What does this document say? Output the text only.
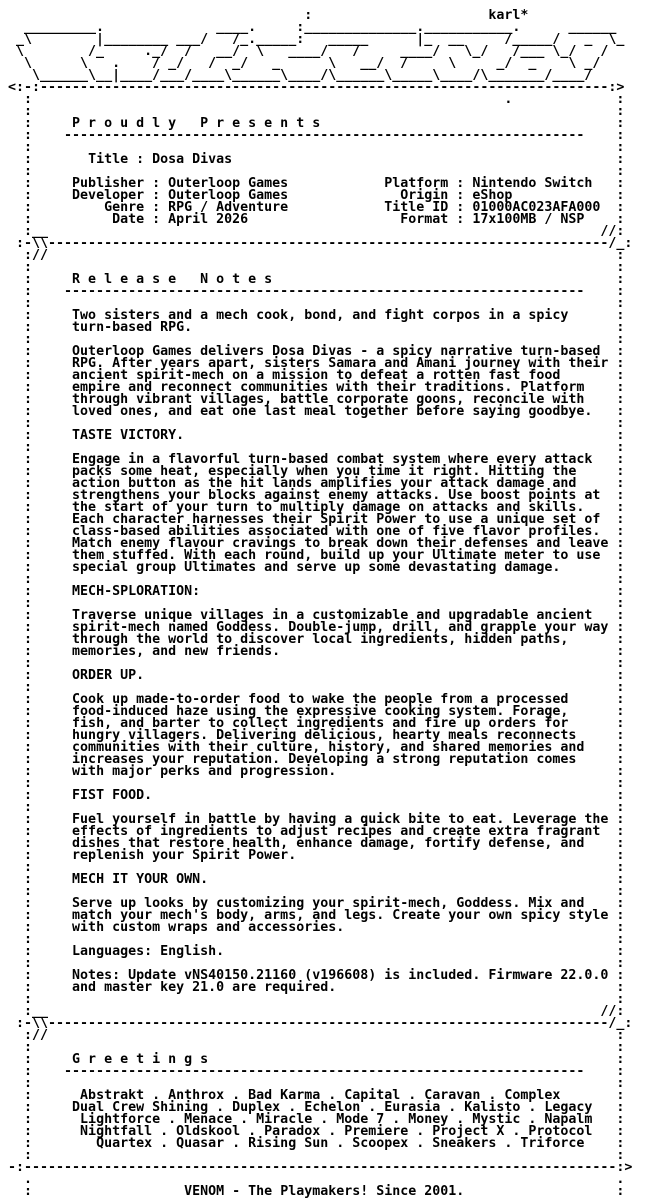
:                      karl*
_________.              ____.     :______________.___________.      ______
_\        |________ ___/   /_._____:   _____      |_  __     /_____/   _  \_
\        /_     ._/  /   __/  \   ____/   /     ____/   \_/   /___ \_/   /
\      \   .    / _/   /  _/   _      \   __/  /     \     _/  _    \ _/
\______\__|____/___/____\______\____/\______\_____\____/\_______/____/
<:-:-----------------------------------------------------------------------:>
:                                                           .             :
:                                                                         :
:     P r o u d l y   P r e s e n t s	:
:    -----------------------------------------------------------------    :
:                                                                         :
:       Title : Dosa Divas	:
:                                                                         :
:     Publisher : Outerloop Games            Platform : Nintendo Switch   :
:     Developer : Outerloop Games              Origin : eShop	:
:         Genre : RPG / Adventure            Title ID : 01000AC023AFA000  :
:          Date : April 2026                   Format : 17x100MB / NSP    :
:__                                                                     //:
:-\\----------------------------------------------------------------------/_:
://                                                                       :
:                                                                         :
:     R e l e a s e   N o t e s	:
:    -----------------------------------------------------------------    :
:                                                                         :
:     Two sisters and a mech cook, bond, and fight corpos in a spicy	:
:     turn-based RPG.	:
:	:
:     Outerloop Games delivers Dosa Divas - a spicy narrative turn-based  :
:     RPG. After years apart, sisters Samara and Amani journey with their :
:     ancient spirit-mech on a mission to defeat a rotten fast food	:
:     empire and reconnect communities with their traditions. Platform    :
:     through vibrant villages, battle corporate goons, reconcile with    :
:     loved ones, and eat one last meal together before saying goodbye.   :
:	:
:     TASTE VICTORY.	:
:	:
:     Engage in a flavorful turn-based combat system where every attack   :
:     packs some heat, especially when you time it right. Hitting the	:
:     action button as the hit lands amplifies your attack damage and	:
:     strengthens your blocks against enemy attacks. Use boost points at  :
:     the start of your turn to multiply damage on attacks and skills.    :
:     Each character harnesses their Spirit Power to use a unique set of  :
:     class-based abilities associated with one of five flavor profiles.  :
:     Match enemy flavour cravings to break down their defenses and leave :
:     them stuffed. With each round, build up your Ultimate meter to use  :
:     special group Ultimates and serve up some devastating damage.	:
:	:
:     MECH-SPLORATION:	:
:	:
:     Traverse unique villages in a customizable and upgradable ancient   :
:     spirit-mech named Goddess. Double-jump, drill, and grapple your way :
:     through the world to discover local ingredients, hidden paths,	:
:     memories, and new friends.	:
:	:
:     ORDER UP.	:
:	:
:     Cook up made-to-order food to wake the people from a processed	:
:     food-induced haze using the expressive cooking system. Forage,	:
:     fish, and barter to collect ingredients and fire up orders for	:
:     hungry villagers. Delivering delicious, hearty meals reconnects	:
:     communities with their culture, history, and shared memories and    :
:     increases your reputation. Developing a strong reputation comes	:
:     with major perks and progression.	:
:	:
:     FIST FOOD.	:
:	:
:     Fuel yourself in battle by having a quick bite to eat. Leverage the :
:     effects of ingredients to adjust recipes and create extra fragrant  :
:     dishes that restore health, enhance damage, fortify defense, and    :
:     replenish your Spirit Power.	:
:	:
:     MECH IT YOUR OWN.	:
:	:
:     Serve up looks by customizing your spirit-mech, Goddess. Mix and    :
:     match your mech's body, arms, and legs. Create your own spicy style :
:     with custom wraps and accessories.	:
:	:
:     Languages: English.	:
:	:
:     Notes: Update vNS40150.21160 (v196608) is included. Firmware 22.0.0 :
:     and master key 21.0 are required.	:
:                                                                         :
:__                                                                     //:
:-\\----------------------------------------------------------------------/_:
://                                                                       :
:                                                                         :
:     G r e e t i n g s	:
:    -----------------------------------------------------------------    :
:                                                                         :
:      Abstrakt . Anthrox . Bad Karma . Capital . Caravan . Complex	:
:     Dual Crew Shining . Duplex . Echelon . Eurasia . Kalisto . Legacy   :
:      Lightforce . Menace . Miracle . Mode 7 . Money . Mystic . Napalm   :
:      Nightfall . Oldskool . Paradox . Premiere . Project X . Protocol   :
:        Quartex . Quasar . Rising Sun . Scoopex . Sneakers . Triforce    :
:                                                                         :
-:--------------------------------------------------------------------------:>
.                                                                         .
:                   VENOM - The Playmakers! Since 2001.	:
